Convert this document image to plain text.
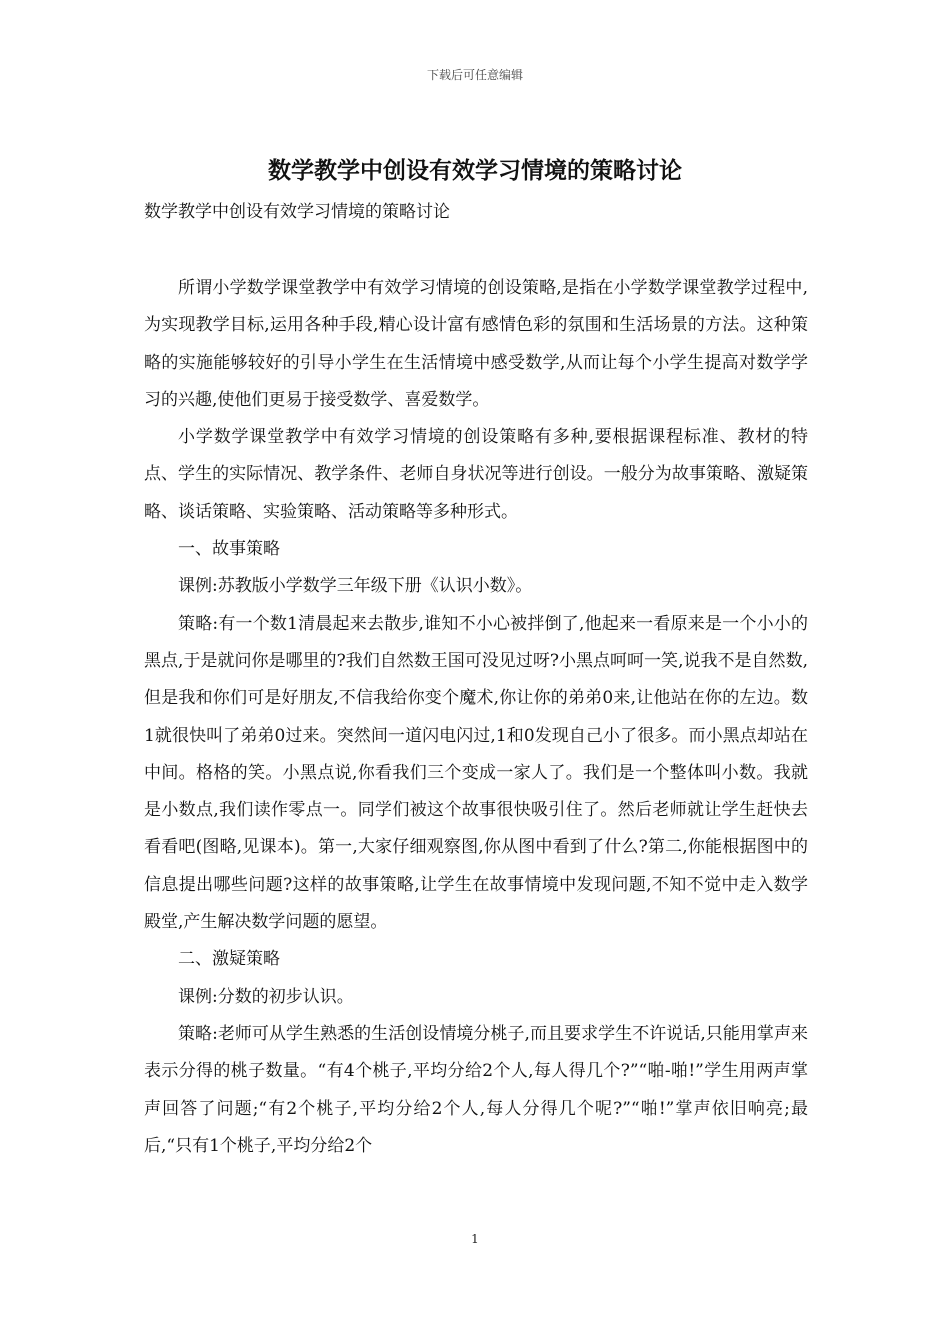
下载后可任意编辑
数学教学中创设有效学习情境的策略讨论

数学教学中创设有效学习情境的策略讨论

所谓小学数学课堂教学中有效学习情境的创设策略,是指在小学数学课堂教学过程中,为实现教学目标,运用各种手段,精心设计富有感情色彩的氛围和生活场景的方法。这种策略的实施能够较好的引导小学生在生活情境中感受数学,从而让每个小学生提高对数学学习的兴趣,使他们更易于接受数学、喜爱数学。

小学数学课堂教学中有效学习情境的创设策略有多种,要根据课程标准、教材的特点、学生的实际情况、教学条件、老师自身状况等进行创设。一般分为故事策略、激疑策略、谈话策略、实验策略、活动策略等多种形式。

一、故事策略

课例:苏教版小学数学三年级下册《认识小数》。

策略:有一个数1清晨起来去散步,谁知不小心被拌倒了,他起来一看原来是一个小小的黑点,于是就问你是哪里的?我们自然数王国可没见过呀?小黑点呵呵一笑,说我不是自然数,但是我和你们可是好朋友,不信我给你变个魔术,你让你的弟弟0来,让他站在你的左边。数1就很快叫了弟弟0过来。突然间一道闪电闪过,1和0发现自己小了很多。而小黑点却站在中间。格格的笑。小黑点说,你看我们三个变成一家人了。我们是一个整体叫小数。我就是小数点,我们读作零点一。同学们被这个故事很快吸引住了。然后老师就让学生赶快去看看吧(图略,见课本)。第一,大家仔细观察图,你从图中看到了什么?第二,你能根据图中的信息提出哪些问题?这样的故事策略,让学生在故事情境中发现问题,不知不觉中走入数学殿堂,产生解决数学问题的愿望。

二、激疑策略

课例:分数的初步认识。

策略:老师可从学生熟悉的生活创设情境分桃子,而且要求学生不许说话,只能用掌声来表示分得的桃子数量。“有4个桃子,平均分给2个人,每人得几个?”“啪-啪!”学生用两声掌声回答了问题;“有2个桃子,平均分给2个人,每人分得几个呢?”“啪!”掌声依旧响亮;最后,“只有1个桃子,平均分给2个

1
